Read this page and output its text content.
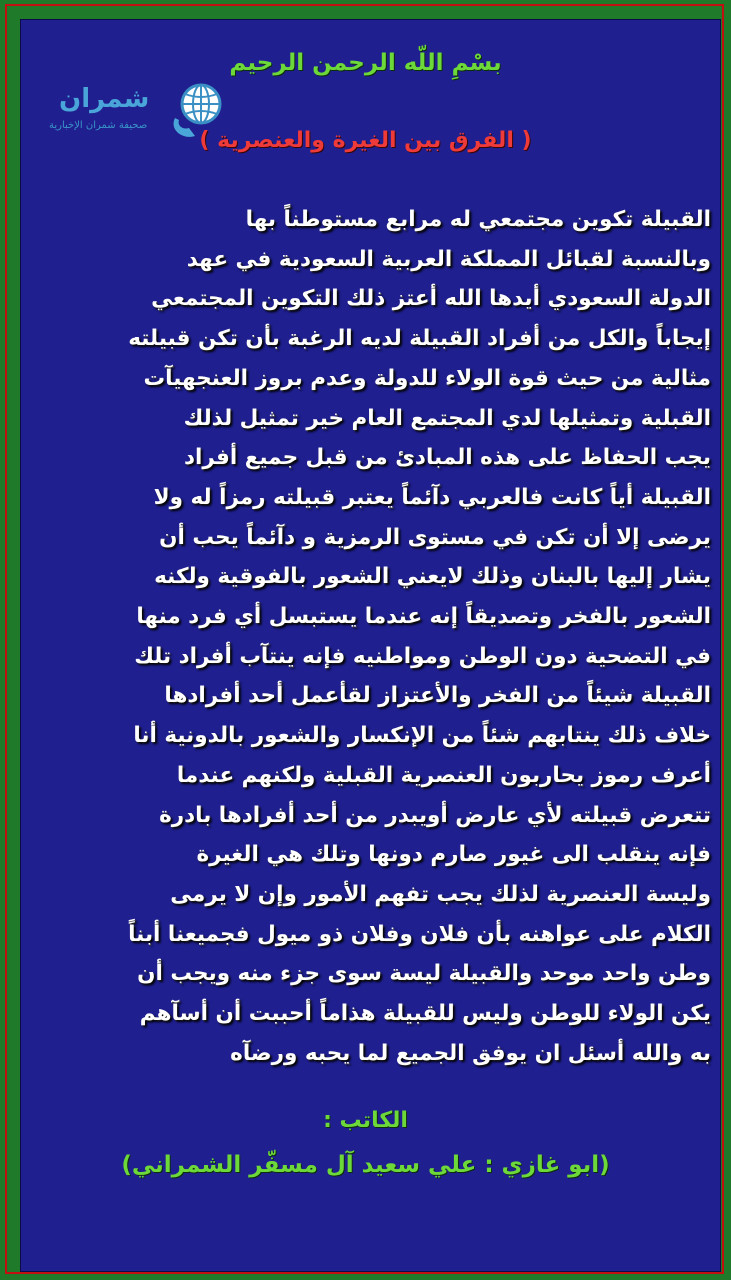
شمران
صحيفة شمران الإخبارية
بسْمِ اللّه الرحمن الرحيم
( الفرق بين الغيرة والعنصرية )
القبيلة تكوين مجتمعي له مرابع مستوطناً بها
وبالنسبة لقبائل المملكة العربية السعودية في عهد
الدولة السعودي أيدها الله أعتز ذلك التكوين المجتمعي
إيجاباً والكل من أفراد القبيلة لديه الرغبة بأن تكن قبيلته
مثالية من حيث قوة الولاء للدولة وعدم بروز العنجهيآت
القبلية وتمثيلها لدي المجتمع العام خير تمثيل لذلك
يجب الحفاظ على هذه المبادئ من قبل جميع أفراد
القبيلة أياً كانت فالعربي دآئماً يعتبر قبيلته رمزاً له ولا
يرضى إلا أن تكن في مستوى الرمزية و دآئماً يحب أن
يشار إليها بالبنان وذلك لايعني الشعور بالفوقية ولكنه
الشعور بالفخر وتصديقاً إنه عندما يستبسل أي فرد منها
في التضحية دون الوطن ومواطنيه فإنه ينتآب أفراد تلك
القبيلة شيئاً من الفخر والأعتزاز لقأعمل أحد أفرادها
خلاف ذلك ينتابهم شئاً من الإنكسار والشعور بالدونية أنا
أعرف رموز يحاربون العنصرية القبلية ولكنهم عندما
تتعرض قبيلته لأي عارض أويبدر من أحد أفرادها بادرة
فإنه ينقلب الى غيور صارم دونها وتلك هي الغيرة
وليسة العنصرية لذلك يجب تفهم الأمور وإن لا يرمى
الكلام على عواهنه بأن فلان وفلان ذو ميول فجميعنا أبناً
وطن واحد موحد والقبيلة ليسة سوى جزء منه ويجب أن
يكن الولاء للوطن وليس للقبيلة هذاماً أحببت أن أسآهم
به والله أسئل ان يوفق الجميع لما يحبه ورضآه
الكاتب :
(ابو غازي : علي سعيد آل مسفّر الشمراني)
